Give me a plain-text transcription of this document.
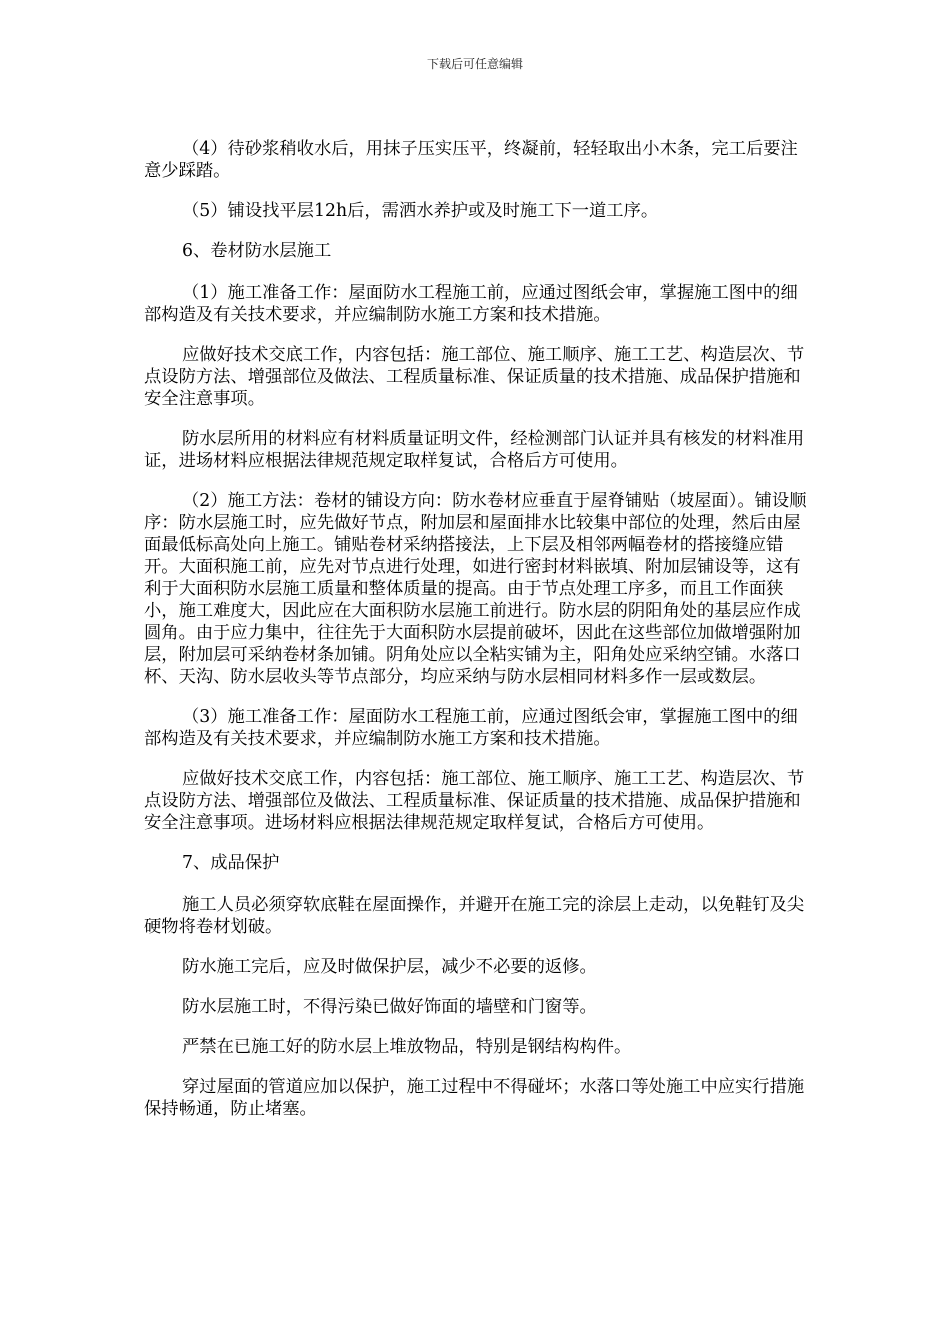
下载后可任意编辑

（4）待砂浆稍收水后，用抹子压实压平，终凝前，轻轻取出小木条，完工后要注意少踩踏。

（5）铺设找平层12h后，需洒水养护或及时施工下一道工序。

6、卷材防水层施工

（1）施工准备工作：屋面防水工程施工前，应通过图纸会审，掌握施工图中的细部构造及有关技术要求，并应编制防水施工方案和技术措施。

应做好技术交底工作，内容包括：施工部位、施工顺序、施工工艺、构造层次、节点设防方法、增强部位及做法、工程质量标准、保证质量的技术措施、成品保护措施和安全注意事项。

防水层所用的材料应有材料质量证明文件，经检测部门认证并具有核发的材料准用证，进场材料应根据法律规范规定取样复试，合格后方可使用。

（2）施工方法：卷材的铺设方向：防水卷材应垂直于屋脊铺贴（坡屋面）。铺设顺序：防水层施工时，应先做好节点，附加层和屋面排水比较集中部位的处理，然后由屋面最低标高处向上施工。铺贴卷材采纳搭接法，上下层及相邻两幅卷材的搭接缝应错开。大面积施工前，应先对节点进行处理，如进行密封材料嵌填、附加层铺设等，这有利于大面积防水层施工质量和整体质量的提高。由于节点处理工序多，而且工作面狭小，施工难度大，因此应在大面积防水层施工前进行。防水层的阴阳角处的基层应作成圆角。由于应力集中，往往先于大面积防水层提前破坏，因此在这些部位加做增强附加层，附加层可采纳卷材条加铺。阴角处应以全粘实铺为主，阳角处应采纳空铺。水落口杯、天沟、防水层收头等节点部分，均应采纳与防水层相同材料多作一层或数层。

（3）施工准备工作：屋面防水工程施工前，应通过图纸会审，掌握施工图中的细部构造及有关技术要求，并应编制防水施工方案和技术措施。

应做好技术交底工作，内容包括：施工部位、施工顺序、施工工艺、构造层次、节点设防方法、增强部位及做法、工程质量标准、保证质量的技术措施、成品保护措施和安全注意事项。进场材料应根据法律规范规定取样复试，合格后方可使用。

7、成品保护

施工人员必须穿软底鞋在屋面操作，并避开在施工完的涂层上走动，以免鞋钉及尖硬物将卷材划破。

防水施工完后，应及时做保护层，减少不必要的返修。

防水层施工时，不得污染已做好饰面的墙壁和门窗等。

严禁在已施工好的防水层上堆放物品，特别是钢结构构件。

穿过屋面的管道应加以保护，施工过程中不得碰坏；水落口等处施工中应实行措施保持畅通，防止堵塞。
